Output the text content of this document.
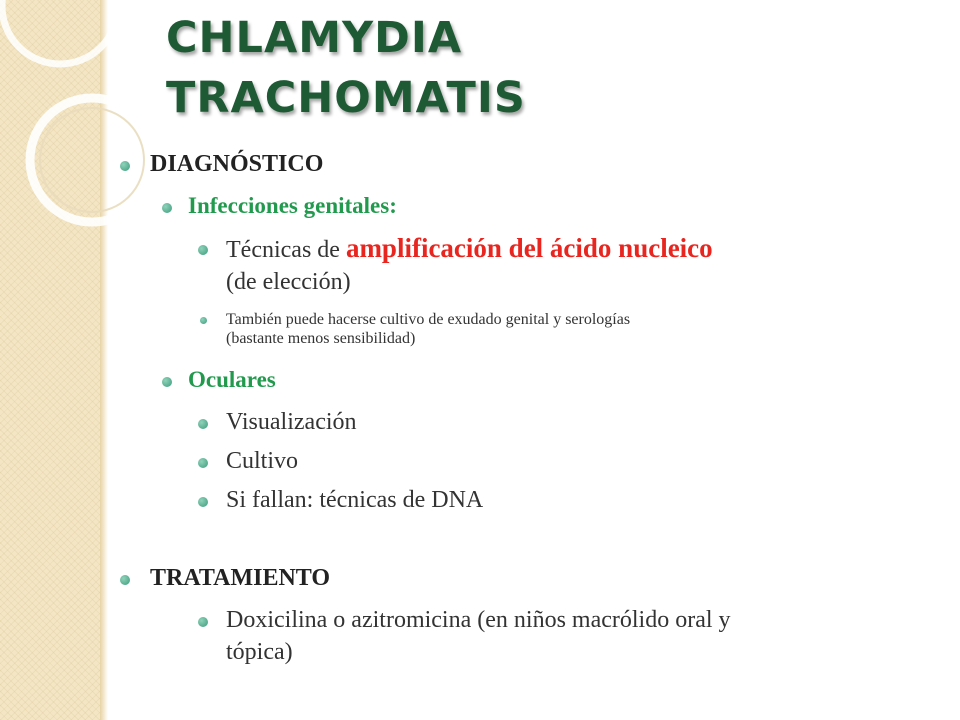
CHLAMYDIA
TRACHOMATIS
DIAGNÓSTICO
Infecciones genitales:
Técnicas de amplificación del ácido nucleico
(de elección)
También puede hacerse cultivo de exudado genital y serologías
(bastante menos sensibilidad)
Oculares
Visualización
Cultivo
Si fallan: técnicas de DNA
TRATAMIENTO
Doxicilina o azitromicina (en niños macrólido oral y
tópica)
